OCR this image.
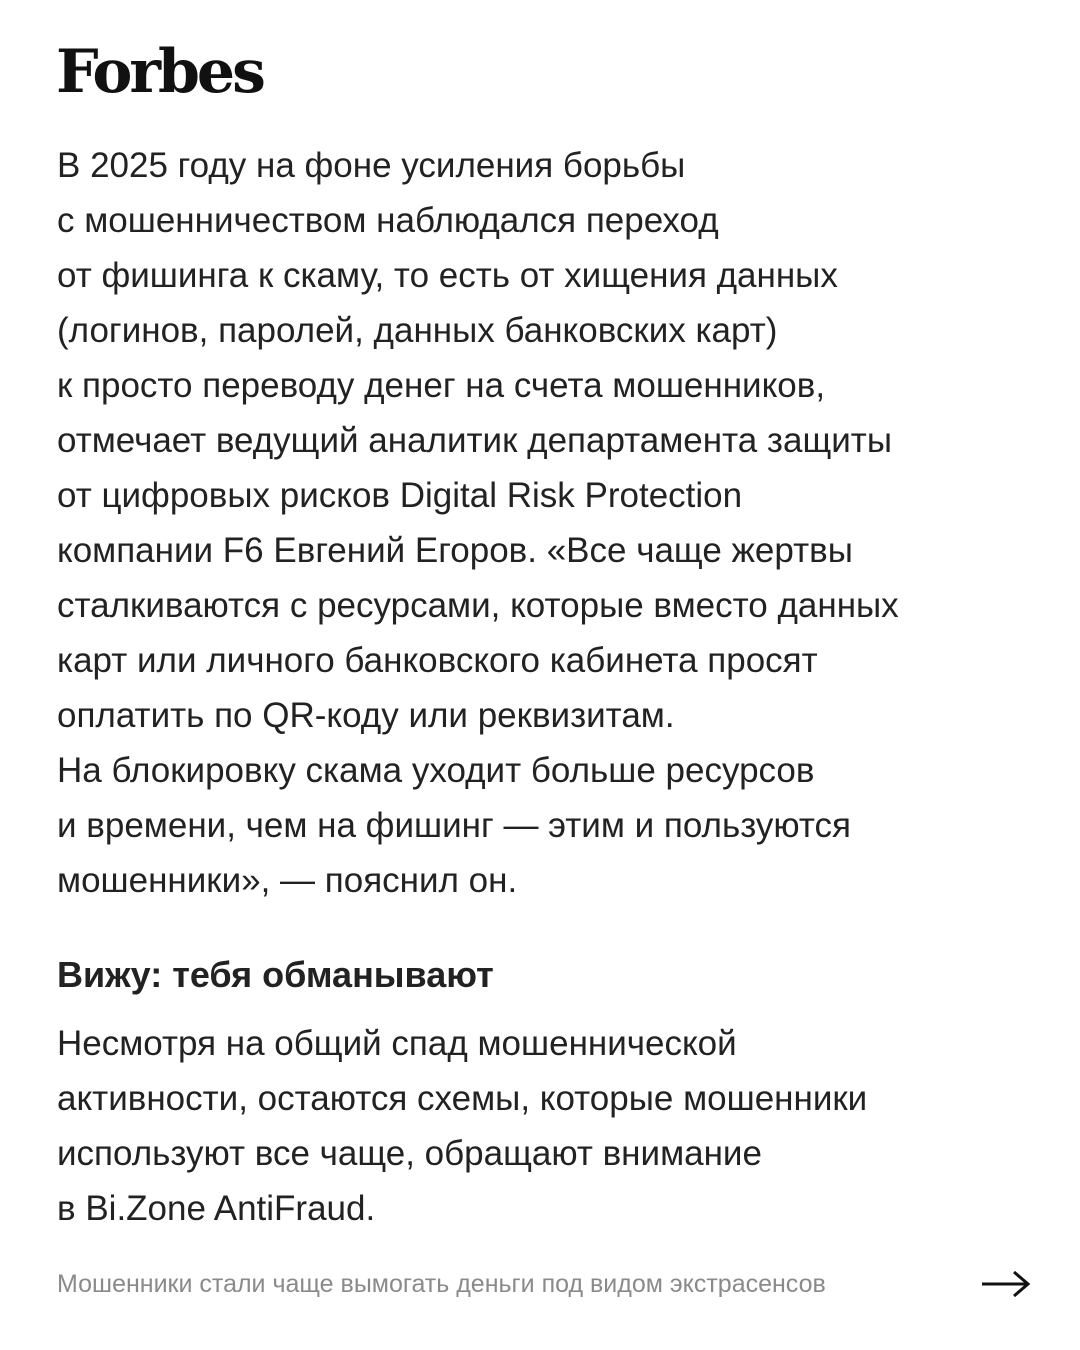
Forbes

В 2025 году на фоне усиления борьбы
с мошенничеством наблюдался переход
от фишинга к скаму, то есть от хищения данных
(логинов, паролей, данных банковских карт)
к просто переводу денег на счета мошенников,
отмечает ведущий аналитик департамента защиты
от цифровых рисков Digital Risk Protection
компании F6 Евгений Егоров. «Все чаще жертвы
сталкиваются с ресурсами, которые вместо данных
карт или личного банковского кабинета просят
оплатить по QR-коду или реквизитам.
На блокировку скама уходит больше ресурсов
и времени, чем на фишинг — этим и пользуются
мошенники», — пояснил он.

Вижу: тебя обманывают

Несмотря на общий спад мошеннической
активности, остаются схемы, которые мошенники
используют все чаще, обращают внимание
в Bi.Zone AntiFraud.

Мошенники стали чаще вымогать деньги под видом экстрасенсов
